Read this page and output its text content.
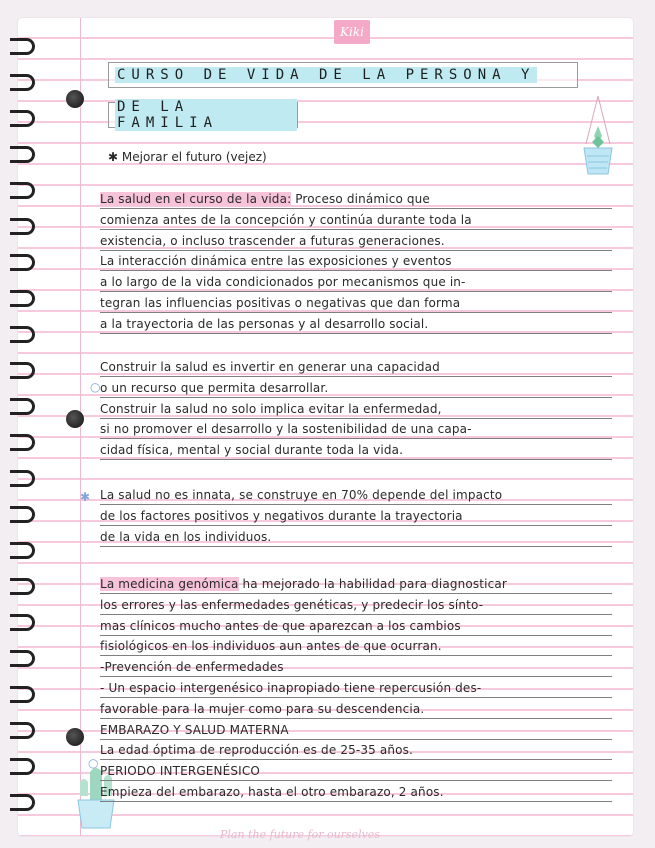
Kiki
CURSO DE VIDA DE LA PERSONA Y
DE LA FAMILIA
✱ Mejorar el futuro (vejez)
La salud en el curso de la vida: Proceso dinámico que
comienza antes de la concepción y continúa durante toda la
existencia, o incluso trascender a futuras generaciones.
La interacción dinámica entre las exposiciones y eventos
a lo largo de la vida condicionados por mecanismos que in-
tegran las influencias positivas o negativas que dan forma
a la trayectoria de las personas y al desarrollo social.
Construir la salud es invertir en generar una capacidad
o un recurso que permita desarrollar.
Construir la salud no solo implica evitar la enfermedad,
si no promover el desarrollo y la sostenibilidad de una capa-
cidad física, mental y social durante toda la vida.
La salud no es innata, se construye en 70% depende del impacto
de los factores positivos y negativos durante la trayectoria
de la vida en los individuos.
La medicina genómica ha mejorado la habilidad para diagnosticar
los errores y las enfermedades genéticas, y predecir los sínto-
mas clínicos mucho antes de que aparezcan a los cambios
fisiológicos en los individuos aun antes de que ocurran.
-Prevención de enfermedades
- Un espacio intergenésico inapropiado tiene repercusión des-
favorable para la mujer como para su descendencia.
EMBARAZO Y SALUD MATERNA
La edad óptima de reproducción es de 25-35 años.
PERIODO INTERGENÉSICO
Empieza del embarazo, hasta el otro embarazo, 2 años.
○
✱
○
Plan the future for ourselves
